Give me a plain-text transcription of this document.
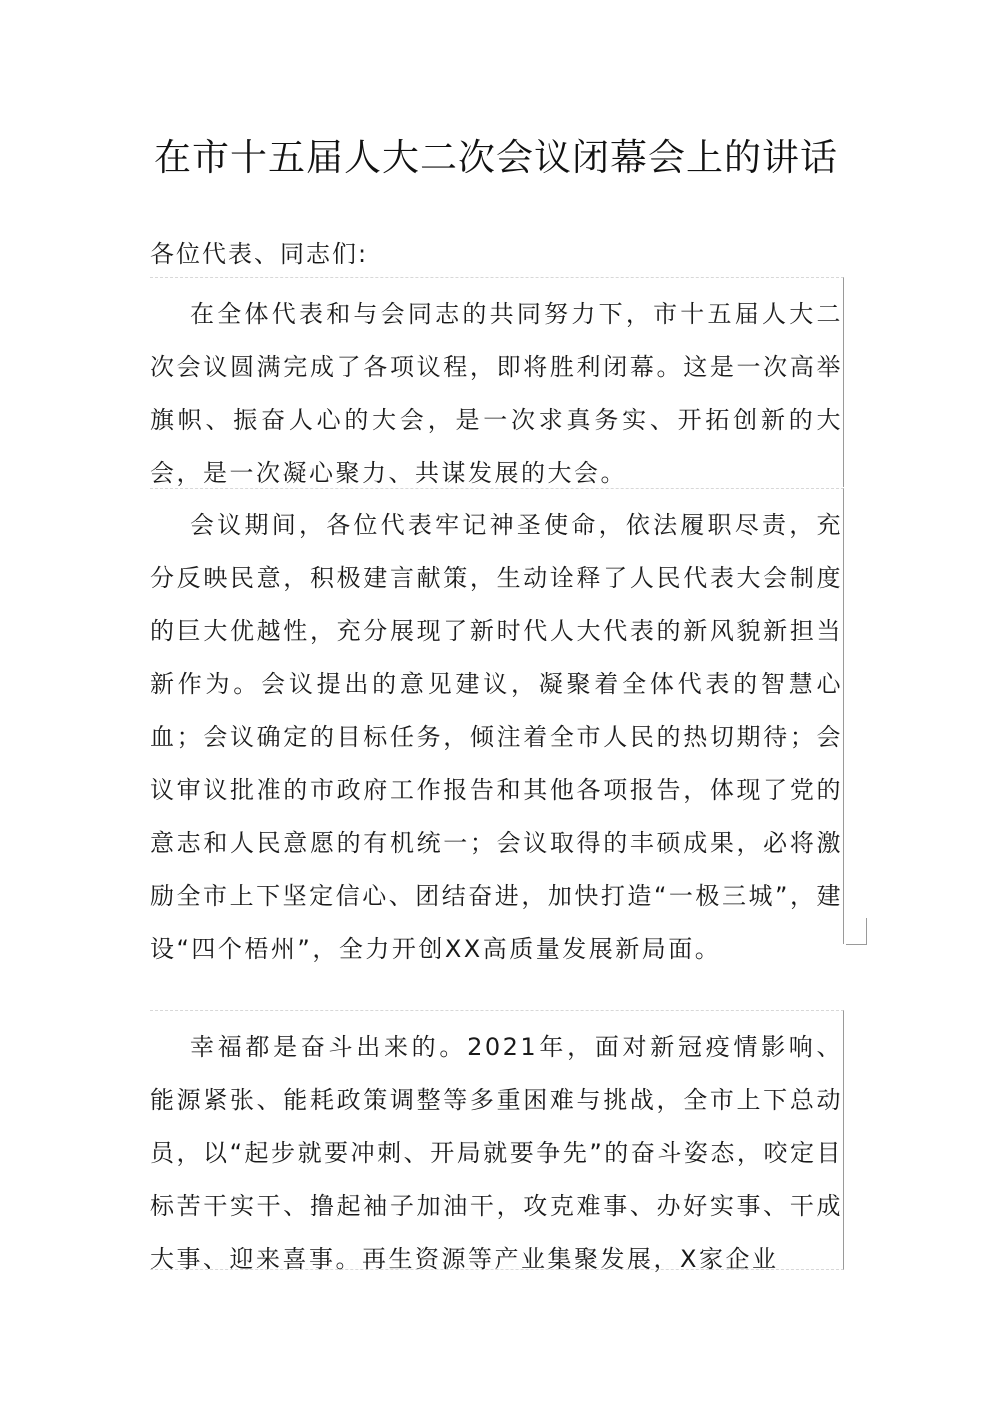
在市十五届人大二次会议闭幕会上的讲话
各位代表、同志们:
在全体代表和与会同志的共同努力下，市十五届人大二次会议圆满完成了各项议程，即将胜利闭幕。这是一次高举旗帜、振奋人心的大会，是一次求真务实、开拓创新的大会，是一次凝心聚力、共谋发展的大会。
会议期间，各位代表牢记神圣使命，依法履职尽责，充分反映民意，积极建言献策，生动诠释了人民代表大会制度的巨大优越性，充分展现了新时代人大代表的新风貌新担当新作为。会议提出的意见建议，凝聚着全体代表的智慧心血；会议确定的目标任务，倾注着全市人民的热切期待；会议审议批准的市政府工作报告和其他各项报告，体现了党的意志和人民意愿的有机统一；会议取得的丰硕成果，必将激励全市上下坚定信心、团结奋进，加快打造“一极三城”，建设“四个梧州”，全力开创XX高质量发展新局面。
幸福都是奋斗出来的。2021年，面对新冠疫情影响、能源紧张、能耗政策调整等多重困难与挑战，全市上下总动员，以“起步就要冲刺、开局就要争先”的奋斗姿态，咬定目标苦干实干、撸起袖子加油干，攻克难事、办好实事、干成大事、迎来喜事。再生资源等产业集聚发展，X家企业
